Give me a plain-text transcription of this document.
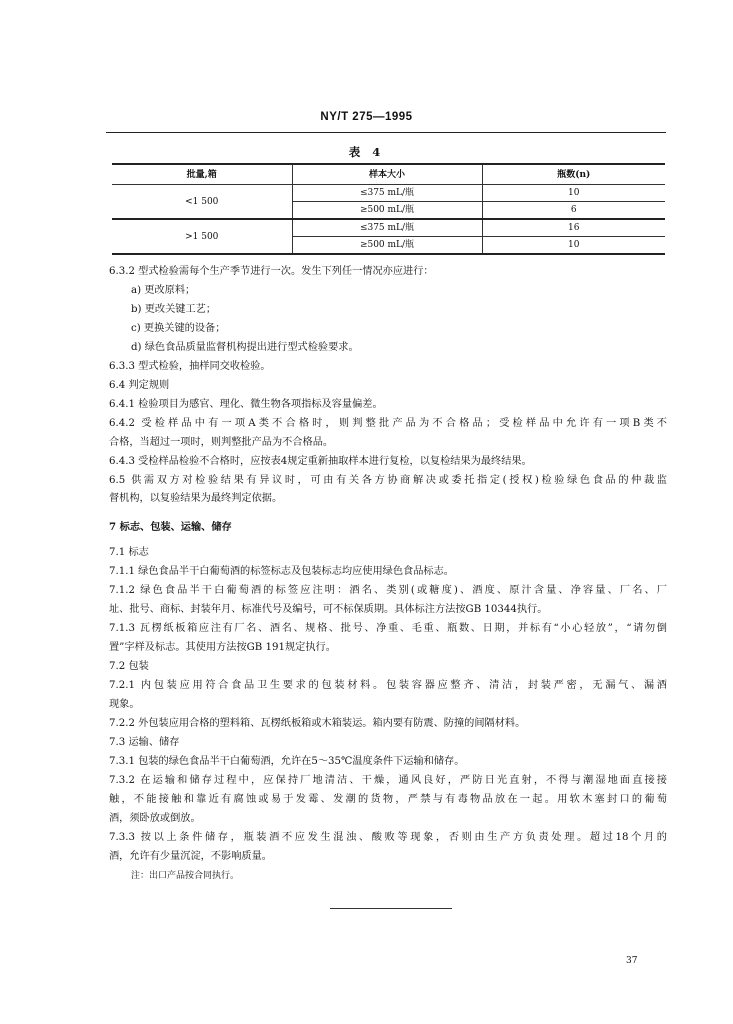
NY/T 275—1995
表 4
批量,箱	样本大小	瓶数(n)
<1 500	≤375 mL/瓶	10
	≥500 mL/瓶	6
>1 500	≤375 mL/瓶	16
	≥500 mL/瓶	10
6.3.2 型式检验需每个生产季节进行一次。发生下列任一情况亦应进行：
a) 更改原料；
b) 更改关键工艺；
c) 更换关键的设备；
d) 绿色食品质量监督机构提出进行型式检验要求。
6.3.3 型式检验，抽样同交收检验。
6.4 判定规则
6.4.1 检验项目为感官、理化、微生物各项指标及容量偏差。
6.4.2 受检样品中有一项A类不合格时，则判整批产品为不合格品；受检样品中允许有一项B类不
合格，当超过一项时，则判整批产品为不合格品。
6.4.3 受检样品检验不合格时，应按表4规定重新抽取样本进行复检，以复检结果为最终结果。
6.5 供需双方对检验结果有异议时，可由有关各方协商解决或委托指定(授权)检验绿色食品的仲裁监
督机构，以复验结果为最终判定依据。
7 标志、包装、运输、储存
7.1 标志
7.1.1 绿色食品半干白葡萄酒的标签标志及包装标志均应使用绿色食品标志。
7.1.2 绿色食品半干白葡萄酒的标签应注明：酒名、类别(或糖度)、酒度、原汁含量、净容量、厂名、厂
址、批号、商标、封装年月、标准代号及编号，可不标保质期。具体标注方法按GB 10344执行。
7.1.3 瓦楞纸板箱应注有厂名、酒名、规格、批号、净重、毛重、瓶数、日期，并标有“小心轻放”，“请勿倒
置”字样及标志。其使用方法按GB 191规定执行。
7.2 包装
7.2.1 内包装应用符合食品卫生要求的包装材料。包装容器应整齐、清洁，封装严密，无漏气、漏酒
现象。
7.2.2 外包装应用合格的塑料箱、瓦楞纸板箱或木箱装运。箱内要有防震、防撞的间隔材料。
7.3 运输、储存
7.3.1 包装的绿色食品半干白葡萄酒，允许在5～35℃温度条件下运输和储存。
7.3.2 在运输和储存过程中，应保持厂地清洁、干燥，通风良好，严防日光直射，不得与潮湿地面直接接
触，不能接触和靠近有腐蚀或易于发霉、发潮的货物，严禁与有毒物品放在一起。用软木塞封口的葡萄
酒，须卧放或倒放。
7.3.3 按以上条件储存，瓶装酒不应发生混浊、酸败等现象，否则由生产方负责处理。超过18个月的
酒，允许有少量沉淀，不影响质量。
注：出口产品按合同执行。
37
